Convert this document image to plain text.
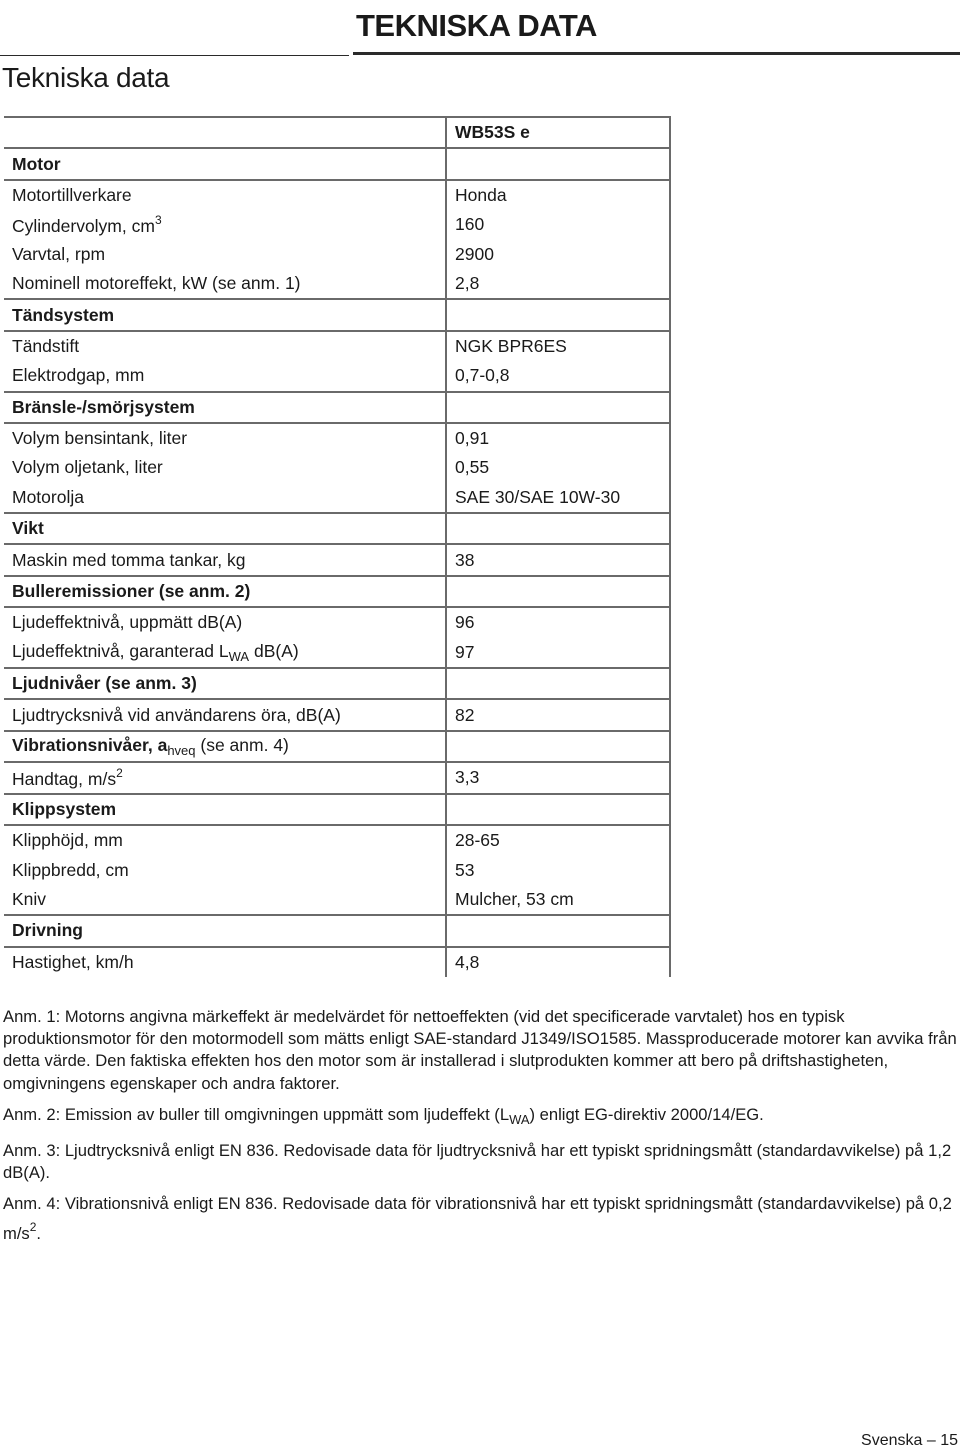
TEKNISKA DATA
Tekniska data
	WB53S e
Motor	
Motortillverkare	Honda
Cylindervolym, $cm^3$	160
Varvtal, rpm	2900
Nominell motoreffekt, kW (se anm. 1)	2,8
Tändsystem	
Tändstift	NGK BPR6ES
Elektrodgap, mm	0,7-0,8
Bränsle-/smörjsystem	
Volym bensintank, liter	0,91
Volym oljetank, liter	0,55
Motorolja	SAE 30/SAE 10W-30
Vikt	
Maskin med tomma tankar, kg	38
Bulleremissioner (se anm. 2)	
Ljudeffektnivå, uppmätt dB(A)	96
Ljudeffektnivå, garanterad $L_{WA}$ dB(A)	97
Ljudnivåer (se anm. 3)	
Ljudtrycksnivå vid användarens öra, dB(A)	82
Vibrationsnivåer, $a_{hveq}$ (se anm. 4)	
Handtag, $m/s^2$	3,3
Klippsystem	
Klipphöjd, mm	28-65
Klippbredd, cm	53
Kniv	Mulcher, 53 cm
Drivning	
Hastighet, km/h	4,8
Anm. 1: Motorns angivna märkeffekt är medelvärdet för nettoeffekten (vid det specificerade varvtalet) hos en typisk produktionsmotor för den motormodell som mätts enligt SAE-standard J1349/ISO1585. Massproducerade motorer kan avvika från detta värde. Den faktiska effekten hos den motor som är installerad i slutprodukten kommer att bero på driftshastigheten, omgivningens egenskaper och andra faktorer.
Anm. 2: Emission av buller till omgivningen uppmätt som ljudeffekt $(L_{WA})$ enligt EG-direktiv 2000/14/EG.
Anm. 3: Ljudtrycksnivå enligt EN 836. Redovisade data för ljudtrycksnivå har ett typiskt spridningsmått (standardavvikelse) på 1,2 dB(A).
Anm. 4: Vibrationsnivå enligt EN 836. Redovisade data för vibrationsnivå har ett typiskt spridningsmått (standardavvikelse) på 0,2 $m/s^2$.
Svenska – 15
